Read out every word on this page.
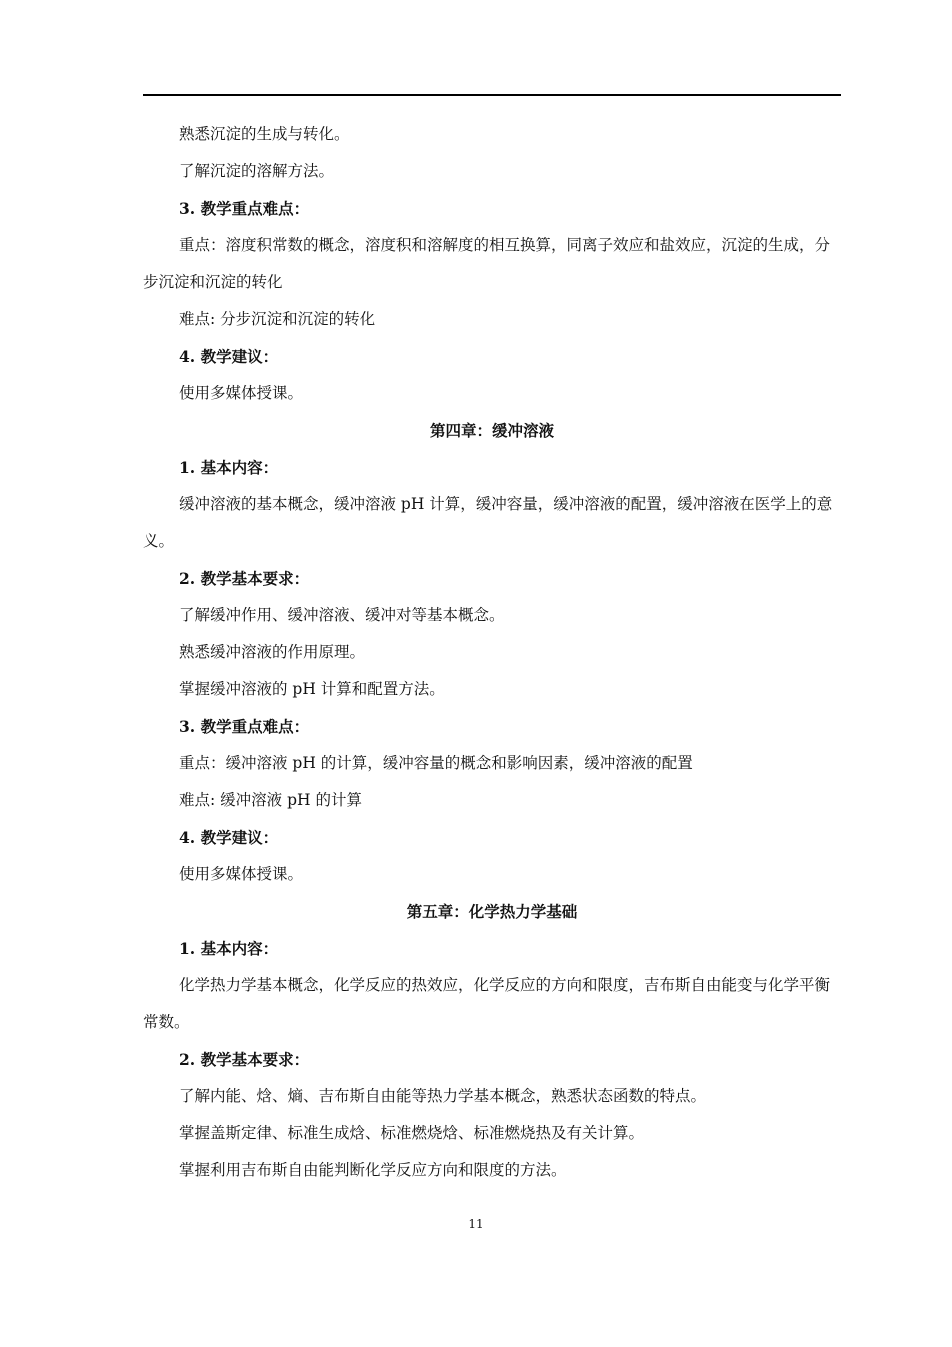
熟悉沉淀的生成与转化。

了解沉淀的溶解方法。

3. 教学重点难点：

重点：溶度积常数的概念，溶度积和溶解度的相互换算，同离子效应和盐效应，沉淀的生成，分步沉淀和沉淀的转化

难点: 分步沉淀和沉淀的转化

4. 教学建议：

使用多媒体授课。

第四章：缓冲溶液

1. 基本内容：

缓冲溶液的基本概念，缓冲溶液 pH 计算，缓冲容量，缓冲溶液的配置，缓冲溶液在医学上的意义。

2. 教学基本要求：

了解缓冲作用、缓冲溶液、缓冲对等基本概念。

熟悉缓冲溶液的作用原理。

掌握缓冲溶液的 pH 计算和配置方法。

3. 教学重点难点：

重点：缓冲溶液 pH 的计算，缓冲容量的概念和影响因素，缓冲溶液的配置

难点: 缓冲溶液 pH 的计算

4. 教学建议：

使用多媒体授课。

第五章：化学热力学基础

1. 基本内容：

化学热力学基本概念，化学反应的热效应，化学反应的方向和限度，吉布斯自由能变与化学平衡常数。

2. 教学基本要求：

了解内能、焓、熵、吉布斯自由能等热力学基本概念，熟悉状态函数的特点。

掌握盖斯定律、标准生成焓、标准燃烧焓、标准燃烧热及有关计算。

掌握利用吉布斯自由能判断化学反应方向和限度的方法。

11
